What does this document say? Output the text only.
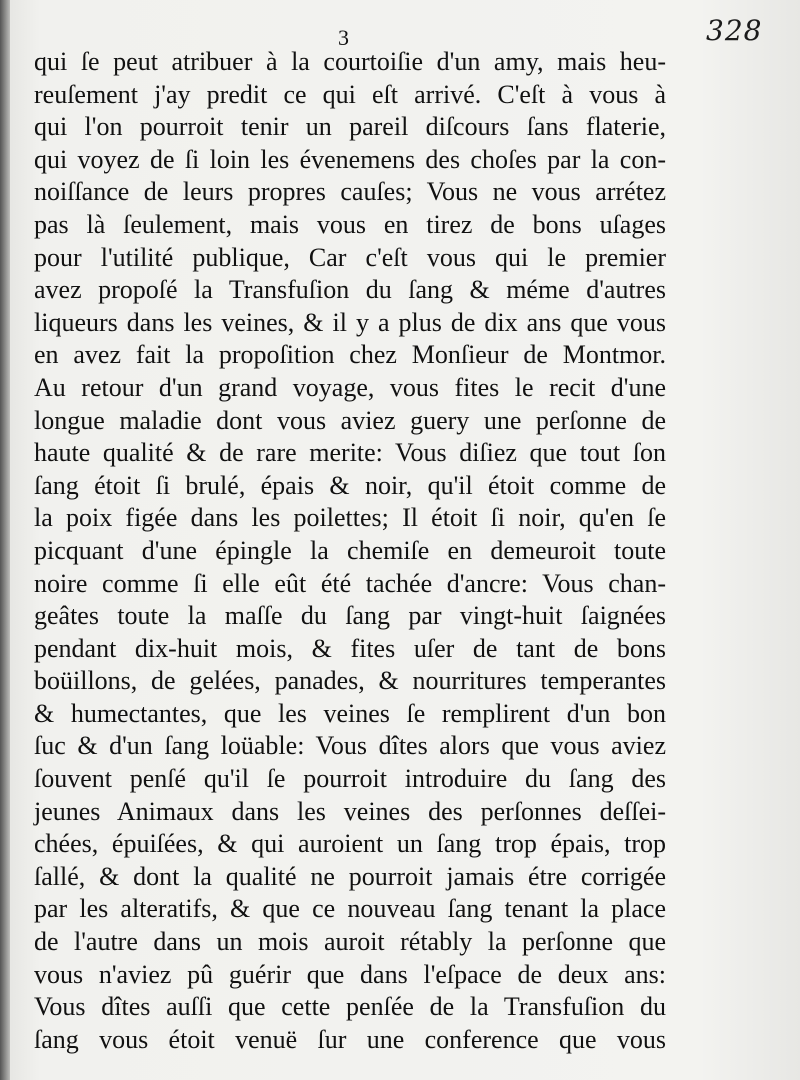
3	328
qui ſe peut atribuer à la courtoiſie d'un amy, mais heu-
reuſement j'ay predit ce qui eſt arrivé. C'eſt à vous à
qui l'on pourroit tenir un pareil diſcours ſans flaterie,
qui voyez de ſi loin les évenemens des choſes par la con-
noiſſance de leurs propres cauſes; Vous ne vous arrétez
pas là ſeulement, mais vous en tirez de bons uſages
pour l'utilité publique, Car c'eſt vous qui le premier
avez propoſé la Transfuſion du ſang & méme d'autres
liqueurs dans les veines, & il y a plus de dix ans que vous
en avez fait la propoſition chez Monſieur de Montmor.
Au retour d'un grand voyage, vous fites le recit d'une
longue maladie dont vous aviez guery une perſonne de
haute qualité & de rare merite: Vous diſiez que tout ſon
ſang étoit ſi brulé, épais & noir, qu'il étoit comme de
la poix figée dans les poilettes; Il étoit ſi noir, qu'en ſe
picquant d'une épingle la chemiſe en demeuroit toute
noire comme ſi elle eût été tachée d'ancre: Vous chan-
geâtes toute la maſſe du ſang par vingt-huit ſaignées
pendant dix-huit mois, & fites uſer de tant de bons
boüillons, de gelées, panades, & nourritures temperantes
& humectantes, que les veines ſe remplirent d'un bon
ſuc & d'un ſang loüable: Vous dîtes alors que vous aviez
ſouvent penſé qu'il ſe pourroit introduire du ſang des
jeunes Animaux dans les veines des perſonnes deſſei-
chées, épuiſées, & qui auroient un ſang trop épais, trop
ſallé, & dont la qualité ne pourroit jamais étre corrigée
par les alteratifs, & que ce nouveau ſang tenant la place
de l'autre dans un mois auroit rétably la perſonne que
vous n'aviez pû guérir que dans l'eſpace de deux ans:
Vous dîtes auſſi que cette penſée de la Transfuſion du
ſang vous étoit venuë ſur une conference que vous
